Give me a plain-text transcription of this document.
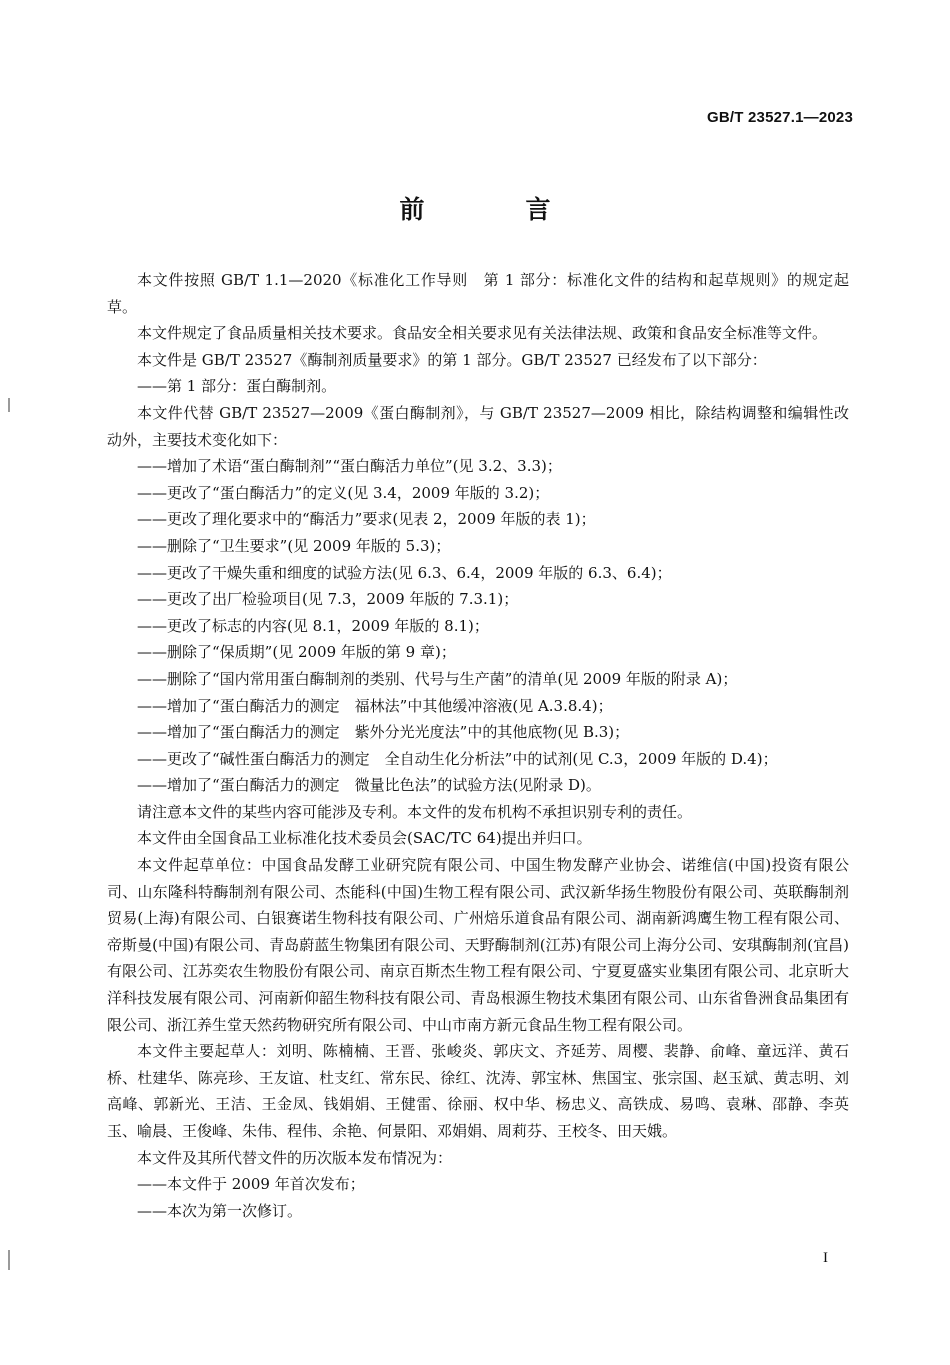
GB/T 23527.1—2023
前　言

本文件按照 GB/T 1.1—2020《标准化工作导则　第 1 部分：标准化文件的结构和起草规则》的规定起草。

本文件规定了食品质量相关技术要求。食品安全相关要求见有关法律法规、政策和食品安全标准等文件。

本文件是 GB/T 23527《酶制剂质量要求》的第 1 部分。GB/T 23527 已经发布了以下部分：

——第 1 部分：蛋白酶制剂。

本文件代替 GB/T 23527—2009《蛋白酶制剂》，与 GB/T 23527—2009 相比，除结构调整和编辑性改动外，主要技术变化如下：

——增加了术语“蛋白酶制剂”“蛋白酶活力单位”(见 3.2、3.3)；

——更改了“蛋白酶活力”的定义(见 3.4，2009 年版的 3.2)；

——更改了理化要求中的“酶活力”要求(见表 2，2009 年版的表 1)；

——删除了“卫生要求”(见 2009 年版的 5.3)；

——更改了干燥失重和细度的试验方法(见 6.3、6.4，2009 年版的 6.3、6.4)；

——更改了出厂检验项目(见 7.3，2009 年版的 7.3.1)；

——更改了标志的内容(见 8.1，2009 年版的 8.1)；

——删除了“保质期”(见 2009 年版的第 9 章)；

——删除了“国内常用蛋白酶制剂的类别、代号与生产菌”的清单(见 2009 年版的附录 A)；

——增加了“蛋白酶活力的测定　福林法”中其他缓冲溶液(见 A.3.8.4)；

——增加了“蛋白酶活力的测定　紫外分光光度法”中的其他底物(见 B.3)；

——更改了“碱性蛋白酶活力的测定　全自动生化分析法”中的试剂(见 C.3，2009 年版的 D.4)；

——增加了“蛋白酶活力的测定　微量比色法”的试验方法(见附录 D)。

请注意本文件的某些内容可能涉及专利。本文件的发布机构不承担识别专利的责任。

本文件由全国食品工业标准化技术委员会(SAC/TC 64)提出并归口。

本文件起草单位：中国食品发酵工业研究院有限公司、中国生物发酵产业协会、诺维信(中国)投资有限公司、山东隆科特酶制剂有限公司、杰能科(中国)生物工程有限公司、武汉新华扬生物股份有限公司、英联酶制剂贸易(上海)有限公司、白银赛诺生物科技有限公司、广州焙乐道食品有限公司、湖南新鸿鹰生物工程有限公司、帝斯曼(中国)有限公司、青岛蔚蓝生物集团有限公司、天野酶制剂(江苏)有限公司上海分公司、安琪酶制剂(宜昌)有限公司、江苏奕农生物股份有限公司、南京百斯杰生物工程有限公司、宁夏夏盛实业集团有限公司、北京昕大洋科技发展有限公司、河南新仰韶生物科技有限公司、青岛根源生物技术集团有限公司、山东省鲁洲食品集团有限公司、浙江养生堂天然药物研究所有限公司、中山市南方新元食品生物工程有限公司。

本文件主要起草人：刘明、陈楠楠、王晋、张峻炎、郭庆文、齐延芳、周樱、裴静、俞峰、童远洋、黄石桥、杜建华、陈亮珍、王友谊、杜支红、常东民、徐红、沈涛、郭宝林、焦国宝、张宗国、赵玉斌、黄志明、刘高峰、郭新光、王洁、王金凤、钱娟娟、王健雷、徐丽、权中华、杨忠义、高铁成、易鸣、袁琳、邵静、李英玉、喻晨、王俊峰、朱伟、程伟、余艳、何景阳、邓娟娟、周莉芬、王校冬、田天娥。

本文件及其所代替文件的历次版本发布情况为：

——本文件于 2009 年首次发布；

——本次为第一次修订。

I
